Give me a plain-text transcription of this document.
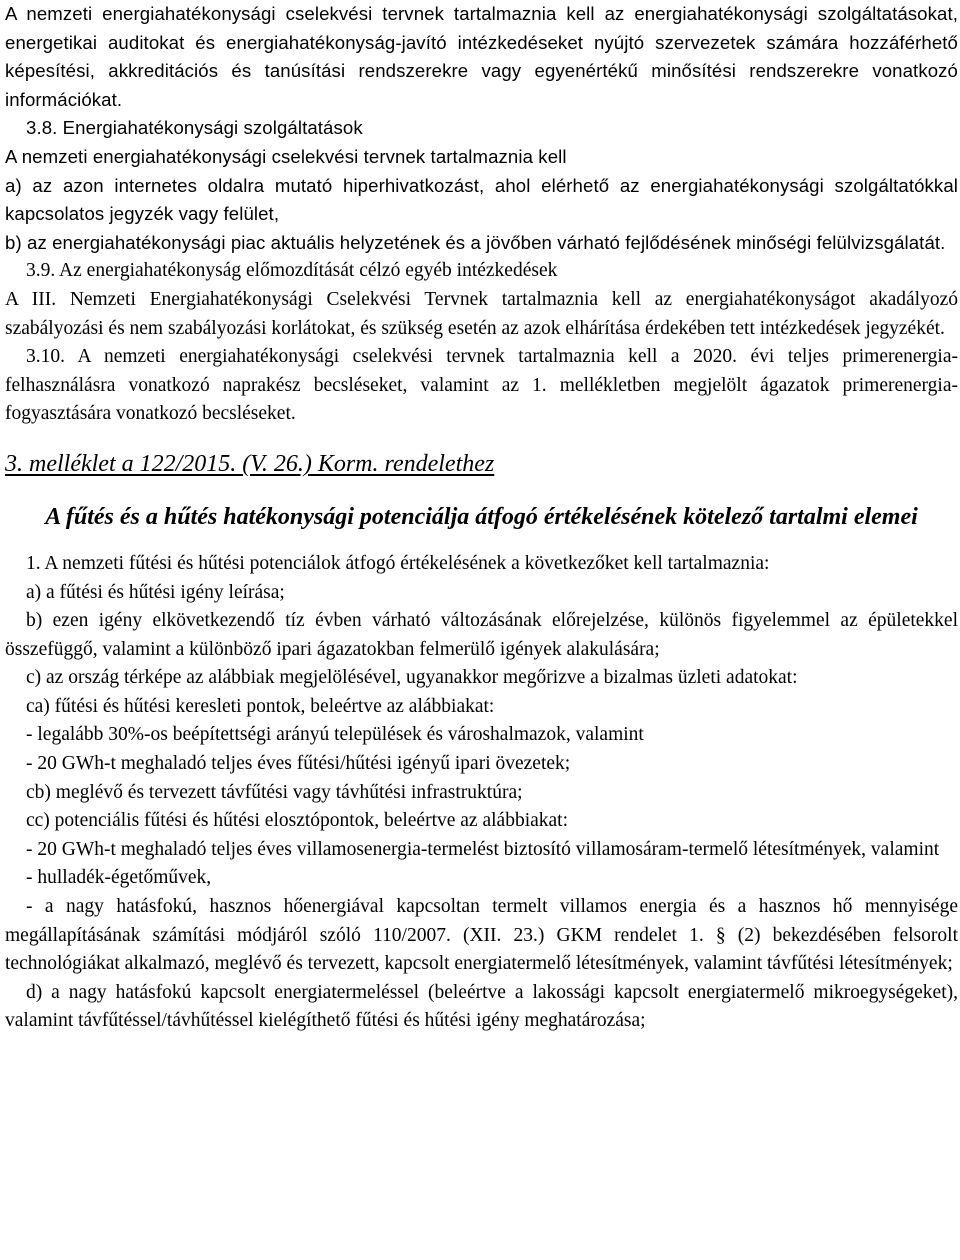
A nemzeti energiahatékonysági cselekvési tervnek tartalmaznia kell az energiahatékonysági szolgáltatásokat, energetikai auditokat és energiahatékonyság-javító intézkedéseket nyújtó szervezetek számára hozzáférhető képesítési, akkreditációs és tanúsítási rendszerekre vagy egyenértékű minősítési rendszerekre vonatkozó információkat.

3.8. Energiahatékonysági szolgáltatások

A nemzeti energiahatékonysági cselekvési tervnek tartalmaznia kell

a) az azon internetes oldalra mutató hiperhivatkozást, ahol elérhető az energiahatékonysági szolgáltatókkal kapcsolatos jegyzék vagy felület,

b) az energiahatékonysági piac aktuális helyzetének és a jövőben várható fejlődésének minőségi felülvizsgálatát.

3.9. Az energiahatékonyság előmozdítását célzó egyéb intézkedések

A III. Nemzeti Energiahatékonysági Cselekvési Tervnek tartalmaznia kell az energiahatékonyságot akadályozó szabályozási és nem szabályozási korlátokat, és szükség esetén az azok elhárítása érdekében tett intézkedések jegyzékét.

3.10. A nemzeti energiahatékonysági cselekvési tervnek tartalmaznia kell a 2020. évi teljes primerenergia-felhasználásra vonatkozó naprakész becsléseket, valamint az 1. mellékletben megjelölt ágazatok primerenergia-fogyasztására vonatkozó becsléseket.

3. melléklet a 122/2015. (V. 26.) Korm. rendelethez

A fűtés és a hűtés hatékonysági potenciálja átfogó értékelésének kötelező tartalmi elemei

1. A nemzeti fűtési és hűtési potenciálok átfogó értékelésének a következőket kell tartalmaznia:

a) a fűtési és hűtési igény leírása;

b) ezen igény elkövetkezendő tíz évben várható változásának előrejelzése, különös figyelemmel az épületekkel összefüggő, valamint a különböző ipari ágazatokban felmerülő igények alakulására;

c) az ország térképe az alábbiak megjelölésével, ugyanakkor megőrizve a bizalmas üzleti adatokat:

ca) fűtési és hűtési keresleti pontok, beleértve az alábbiakat:

- legalább 30%-os beépítettségi arányú települések és városhalmazok, valamint

- 20 GWh-t meghaladó teljes éves fűtési/hűtési igényű ipari övezetek;

cb) meglévő és tervezett távfűtési vagy távhűtési infrastruktúra;

cc) potenciális fűtési és hűtési elosztópontok, beleértve az alábbiakat:

- 20 GWh-t meghaladó teljes éves villamosenergia-termelést biztosító villamosáram-termelő létesítmények, valamint

- hulladék-égetőművek,

- a nagy hatásfokú, hasznos hőenergiával kapcsoltan termelt villamos energia és a hasznos hő mennyisége megállapításának számítási módjáról szóló 110/2007. (XII. 23.) GKM rendelet 1. § (2) bekezdésében felsorolt technológiákat alkalmazó, meglévő és tervezett, kapcsolt energiatermelő létesítmények, valamint távfűtési létesítmények;

d) a nagy hatásfokú kapcsolt energiatermeléssel (beleértve a lakossági kapcsolt energiatermelő mikroegységeket), valamint távfűtéssel/távhűtéssel kielégíthető fűtési és hűtési igény meghatározása;
